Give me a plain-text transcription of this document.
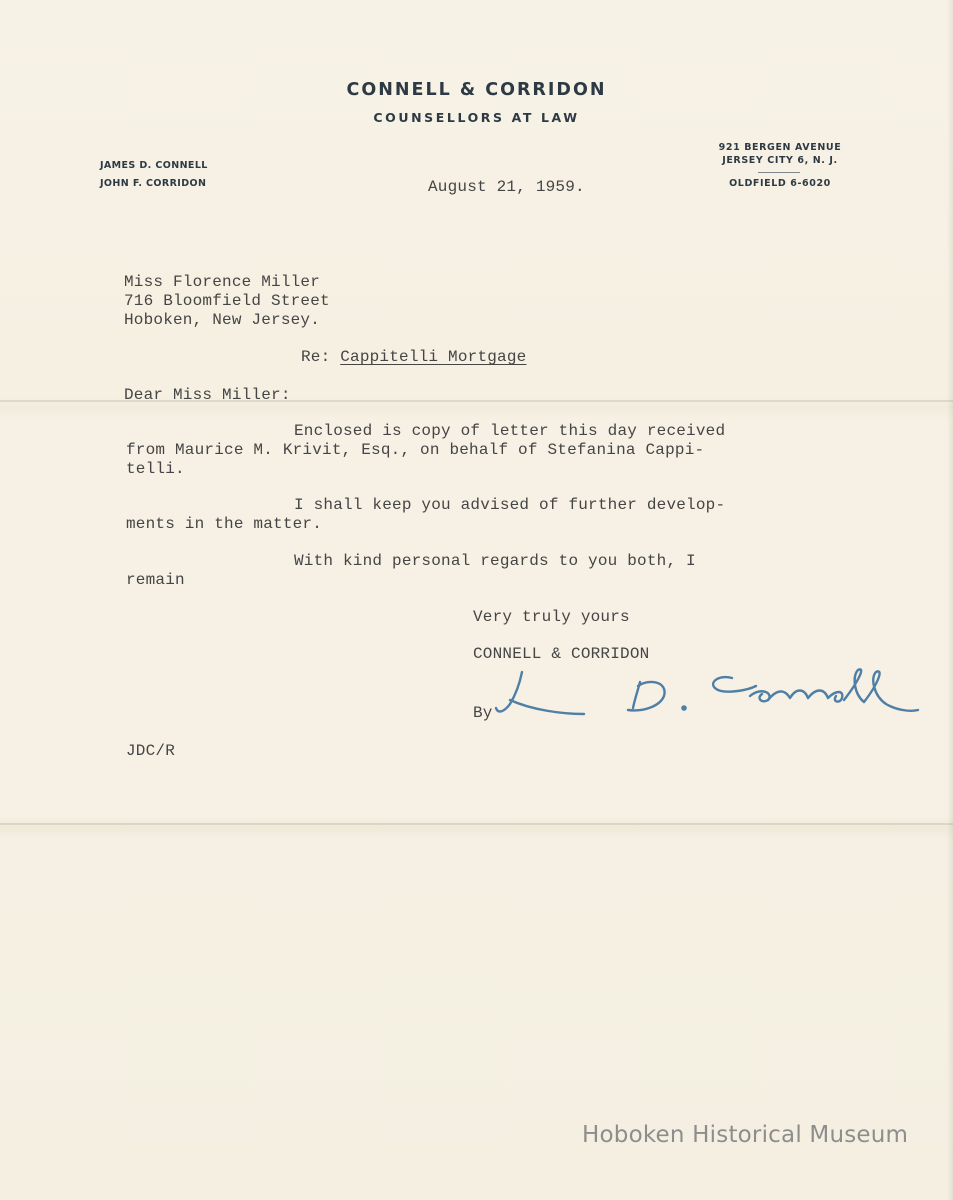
CONNELL & CORRIDON
COUNSELLORS AT LAW
JAMES D. CONNELL
JOHN F. CORRIDON
921 BERGEN AVENUE
JERSEY CITY 6, N. J.
OLDFIELD 6-6020
August 21, 1959.
Miss Florence Miller
716 Bloomfield Street
Hoboken, New Jersey.
Re: Cappitelli Mortgage
Dear Miss Miller:
Enclosed is copy of letter this day received
from Maurice M. Krivit, Esq., on behalf of Stefanina Cappi-
telli.
I shall keep you advised of further develop-
ments in the matter.
With kind personal regards to you both, I
remain
Very truly yours
CONNELL & CORRIDON
By
JDC/R
Hoboken Historical Museum
